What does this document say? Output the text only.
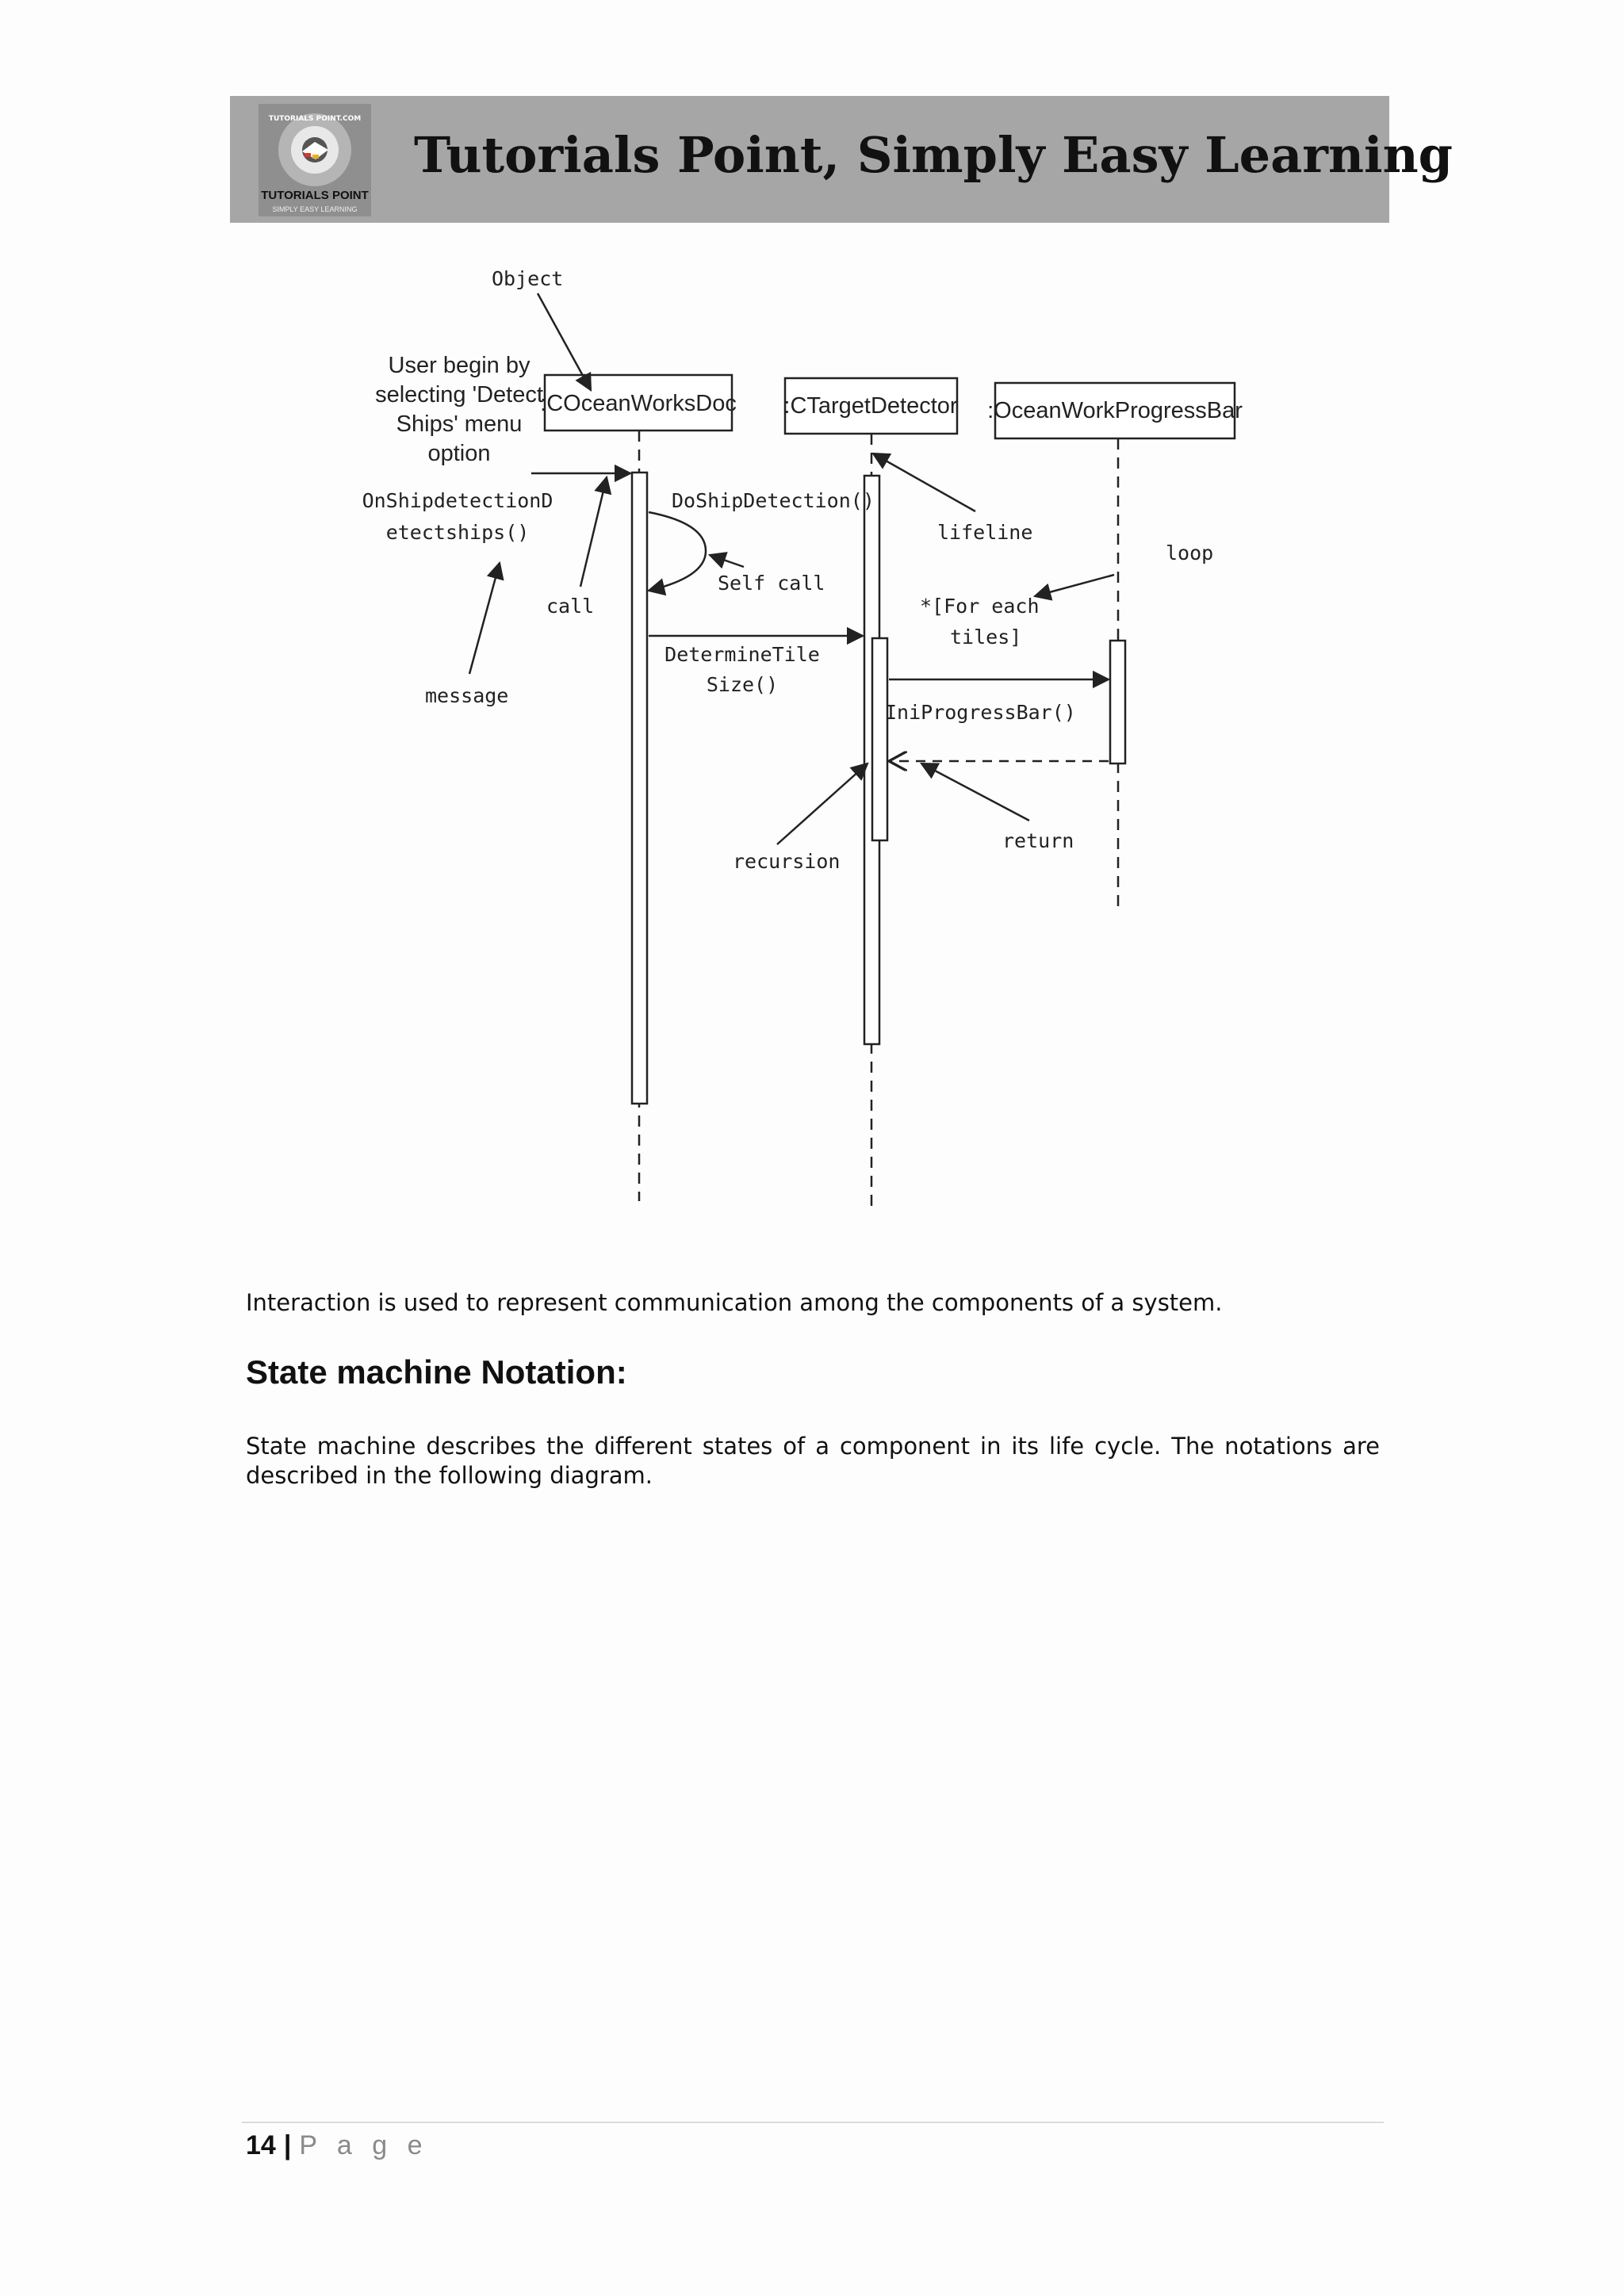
TUTORIALS POINT.COM
TUTORIALS POINT
SIMPLY EASY LEARNING
Tutorials Point, Simply Easy Learning
:COceanWorksDoc :CTargetDetector :OceanWorkProgressBar
Object
User begin by
selecting 'Detect
Ships' menu
option
OnShipdetectionD
etectships()
call
message
DoShipDetection()
Self call
lifeline
loop
*[For each
tiles]
DetermineTile
Size()
IniProgressBar()
recursion
return
Interaction is used to represent communication among the components of a system.
State machine Notation:
State machine describes the different states of a component in its life cycle. The notations are described in the following diagram.
14 | P a g e
